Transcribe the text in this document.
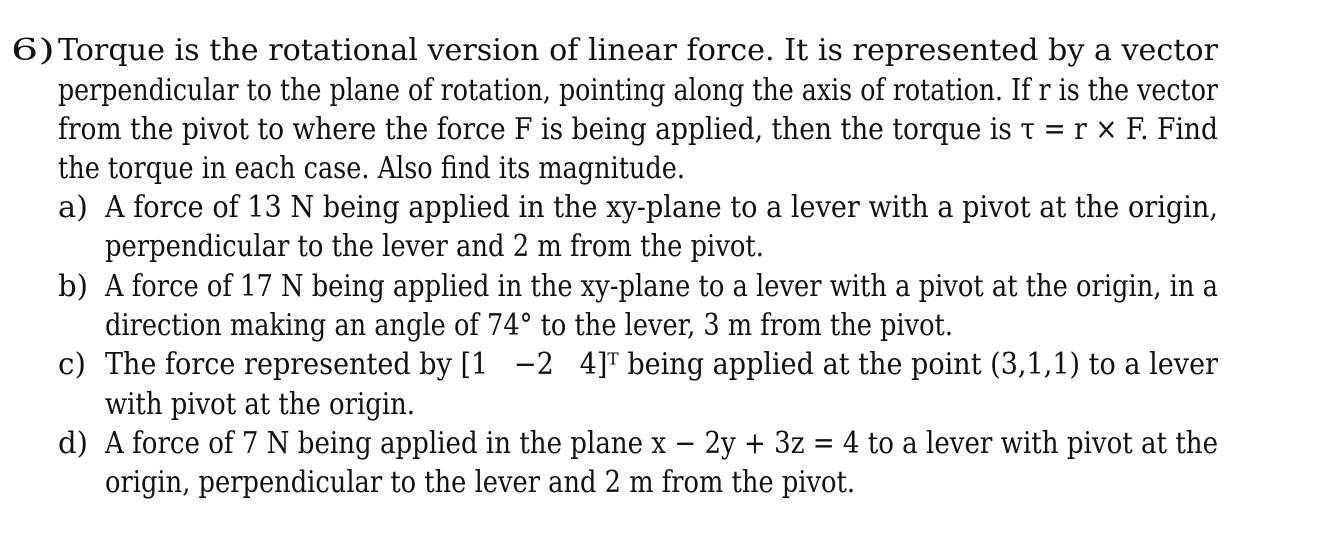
6) Torque is the rotational version of linear force. It is represented by a vector
perpendicular to the plane of rotation, pointing along the axis of rotation. If r is the vector
from the pivot to where the force F is being applied, then the torque is τ = r × F. Find
the torque in each case. Also find its magnitude.
a) A force of 13 N being applied in the xy-plane to a lever with a pivot at the origin,
perpendicular to the lever and 2 m from the pivot.
b) A force of 17 N being applied in the xy-plane to a lever with a pivot at the origin, in a
direction making an angle of 74° to the lever, 3 m from the pivot.
c) The force represented by [1   −2   4]ᵀ being applied at the point (3,1,1) to a lever
with pivot at the origin.
d) A force of 7 N being applied in the plane x − 2y + 3z = 4 to a lever with pivot at the
origin, perpendicular to the lever and 2 m from the pivot.
